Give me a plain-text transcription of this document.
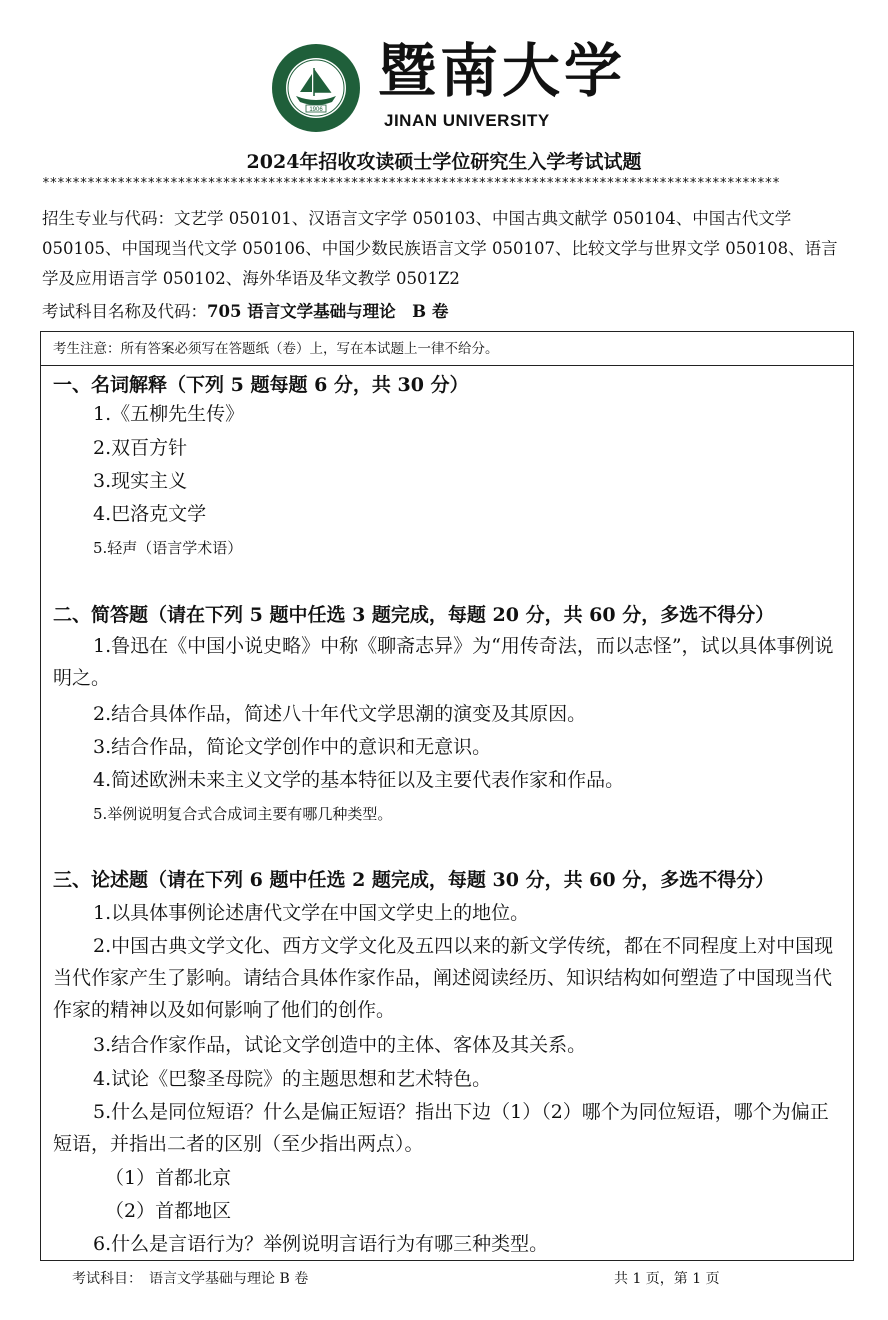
1906
暨南大学
JINAN UNIVERSITY
2024年招收攻读硕士学位研究生入学考试试题
**************************************************************************************************
招生专业与代码：文艺学 050101、汉语言文字学 050103、中国古典文献学 050104、中国古代文学 050105、中国现当代文学 050106、中国少数民族语言文学 050107、比较文学与世界文学 050108、语言学及应用语言学 050102、海外华语及华文教学 0501Z2
考试科目名称及代码：705 语言文学基础与理论　B 卷
考生注意：所有答案必须写在答题纸（卷）上，写在本试题上一律不给分。
一、名词解释（下列 5 题每题 6 分，共 30 分）
1.《五柳先生传》
2.双百方针
3.现实主义
4.巴洛克文学
5.轻声（语言学术语）
二、简答题（请在下列 5 题中任选 3 题完成，每题 20 分，共 60 分，多选不得分）
1.鲁迅在《中国小说史略》中称《聊斋志异》为“用传奇法，而以志怪”，试以具体事例说明之。
2.结合具体作品，简述八十年代文学思潮的演变及其原因。
3.结合作品，简论文学创作中的意识和无意识。
4.简述欧洲未来主义文学的基本特征以及主要代表作家和作品。
5.举例说明复合式合成词主要有哪几种类型。
三、论述题（请在下列 6 题中任选 2 题完成，每题 30 分，共 60 分，多选不得分）
1.以具体事例论述唐代文学在中国文学史上的地位。
2.中国古典文学文化、西方文学文化及五四以来的新文学传统，都在不同程度上对中国现当代作家产生了影响。请结合具体作家作品，阐述阅读经历、知识结构如何塑造了中国现当代作家的精神以及如何影响了他们的创作。
3.结合作家作品，试论文学创造中的主体、客体及其关系。
4.试论《巴黎圣母院》的主题思想和艺术特色。
5.什么是同位短语？什么是偏正短语？指出下边（1）（2）哪个为同位短语，哪个为偏正短语，并指出二者的区别（至少指出两点）。
（1）首都北京
（2）首都地区
6.什么是言语行为？举例说明言语行为有哪三种类型。
考试科目：　语言文学基础与理论 B 卷	共 1 页，第 1 页
